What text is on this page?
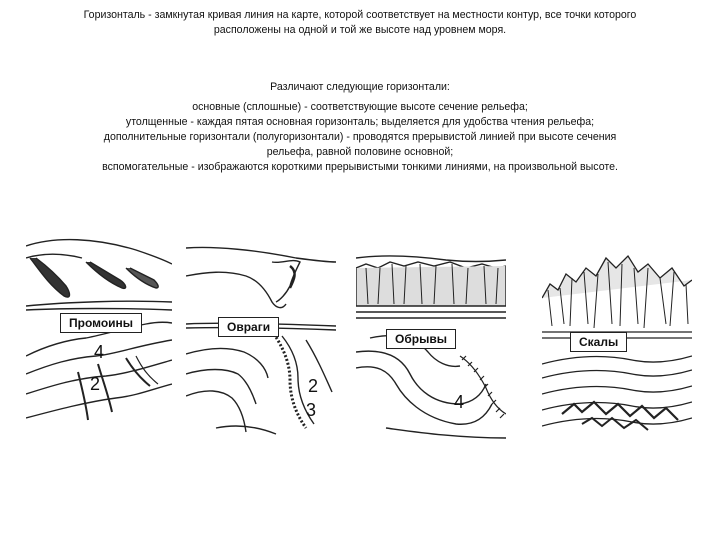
Горизонталь - замкнутая кривая линия на карте, которой соответствует на местности контур, все точки которого
расположены на одной и той же высоте над уровнем моря.
Различают следующие горизонтали:
основные (сплошные) - соответствующие высоте сечение рельефа;
утолщенные - каждая пятая основная горизонталь; выделяется для удобства чтения рельефа;
дополнительные горизонтали (полугоризонтали) - проводятся прерывистой линией при высоте сечения
рельефа, равной половине основной;
вспомогательные - изображаются короткими прерывистыми тонкими линиями, на произвольной высоте.
Промоины
4
2
Овраги
2
3
Обрывы
4
Скалы
